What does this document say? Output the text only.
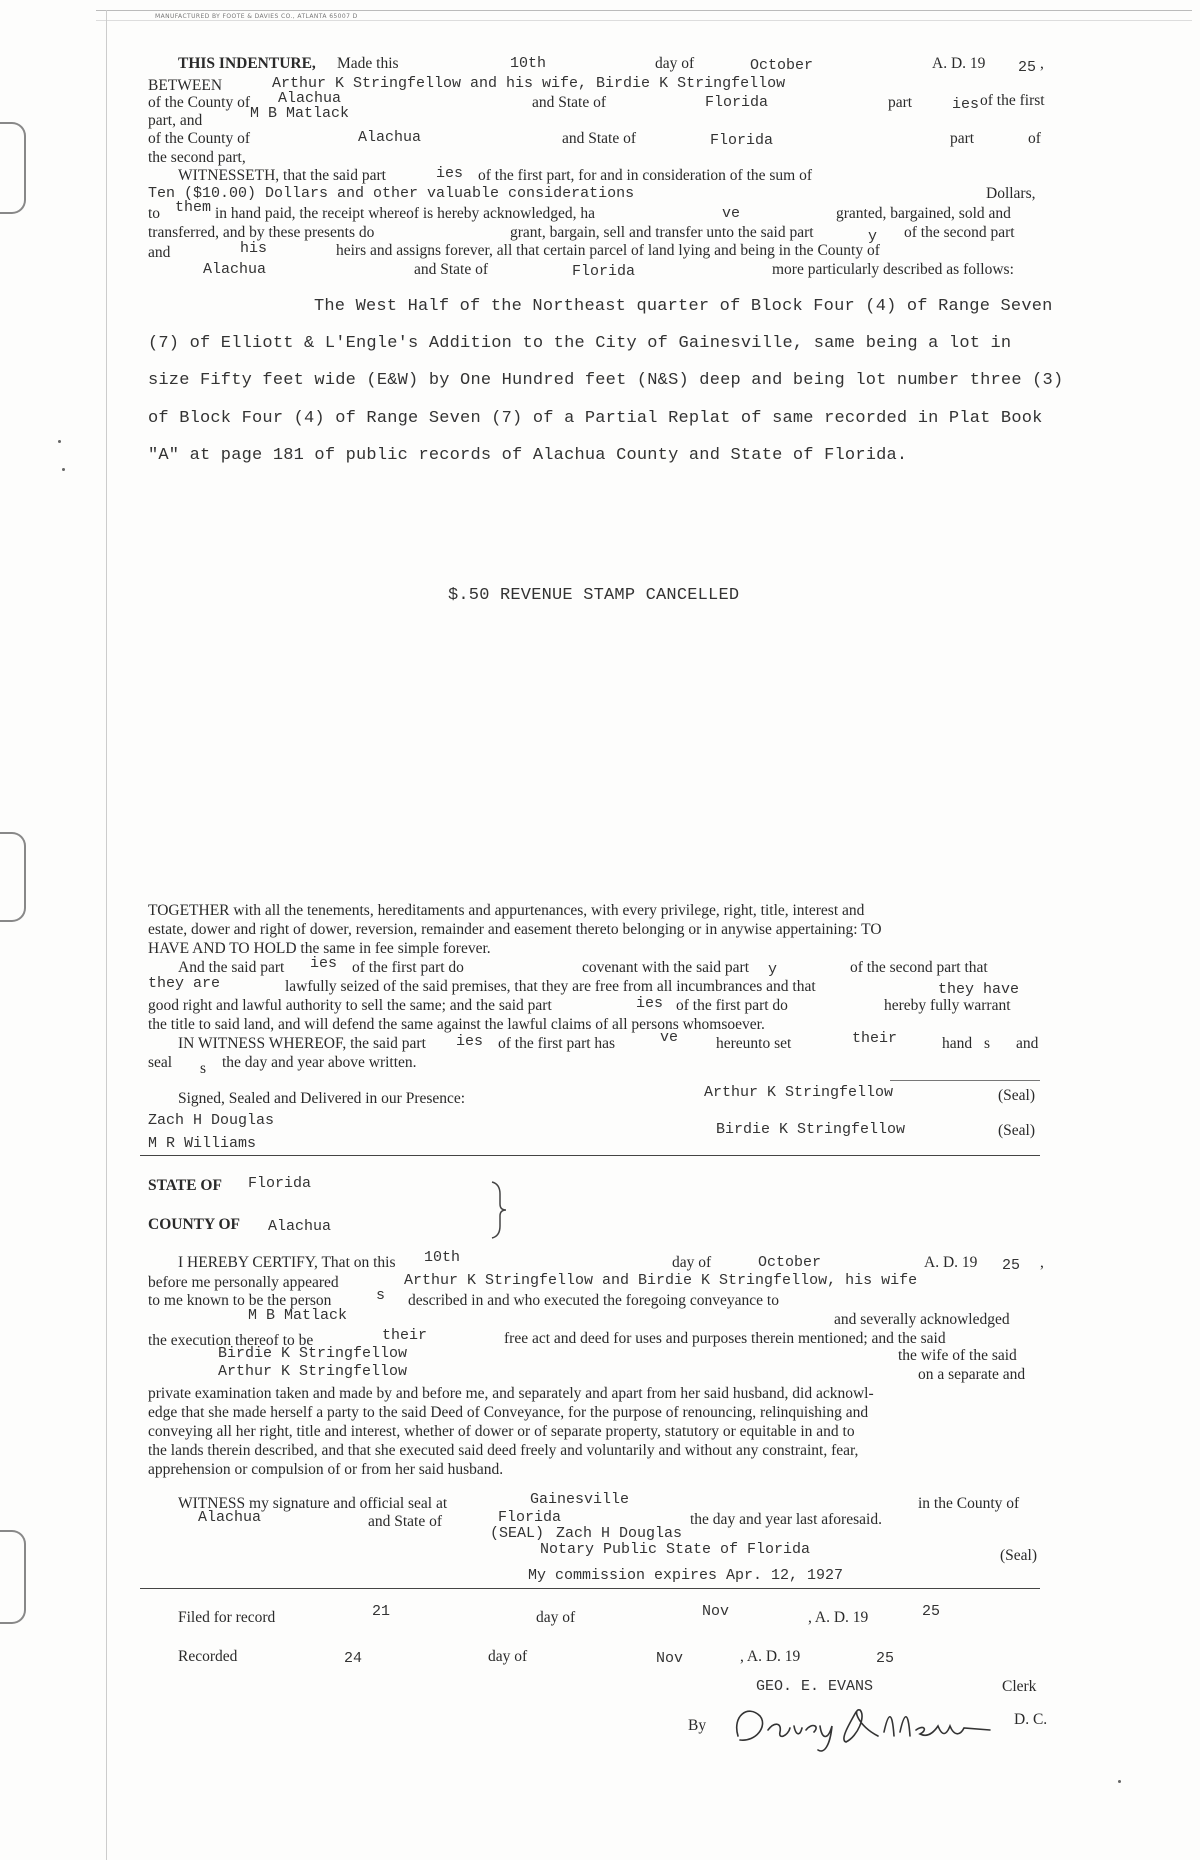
MANUFACTURED BY FOOTE & DAVIES CO., ATLANTA 65007 D
THIS INDENTURE, Made this	10th	day of	October	A. D. 19 25 ,
BETWEEN	Arthur K Stringfellow and his wife, Birdie K Stringfellow
of the County of Alachua	and State of	Florida	part	ies of the first
part, and	M B Matlack
of the County of	Alachua	and State of	Florida	part	of
the second part,
WITNESSETH, that the said part	ies of the first part, for and in consideration of the sum of
Ten ($10.00) Dollars and other valuable considerations	Dollars,
to them in hand paid, the receipt whereof is hereby acknowledged, ha	ve	granted, bargained, sold and
transferred, and by these presents do	grant, bargain, sell and transfer unto the said part	y of the second part
and	his	heirs and assigns forever, all that certain parcel of land lying and being in the County of
Alachua	and State of	Florida	more particularly described as follows:
The West Half of the Northeast quarter of Block Four (4) of Range Seven
(7) of Elliott & L'Engle's Addition to the City of Gainesville, same being a lot in
size Fifty feet wide (E&W) by One Hundred feet (N&S) deep and being lot number three (3)
of Block Four (4) of Range Seven (7) of a Partial Replat of same recorded in Plat Book
"A" at page 181 of public records of Alachua County and State of Florida.
$.50 REVENUE STAMP CANCELLED
TOGETHER with all the tenements, hereditaments and appurtenances, with every privilege, right, title, interest and
estate, dower and right of dower, reversion, remainder and easement thereto belonging or in anywise appertaining: TO
HAVE AND TO HOLD the same in fee simple forever.
And the said part ies of the first part do	covenant with the said part y	of the second part that
they are	lawfully seized of the said premises, that they are free from all incumbrances and that	they have
good right and lawful authority to sell the same; and the said part	ies of the first part do	hereby fully warrant
the title to said land, and will defend the same against the lawful claims of all persons whomsoever.
IN WITNESS WHEREOF, the said part ies of the first part has	ve hereunto set	their	hand s and
seal s the day and year above written.
Signed, Sealed and Delivered in our Presence:
Zach H Douglas
M R Williams
Arthur K Stringfellow	(Seal)
Birdie K Stringfellow	(Seal)
STATE OF Florida
COUNTY OF Alachua
I HEREBY CERTIFY, That on this 10th	day of	October	A. D. 19 25 ,
before me personally appeared	Arthur K Stringfellow and Birdie K Stringfellow, his wife
to me known to be the person	s described in and who executed the foregoing conveyance to
M B Matlack	and severally acknowledged
the execution thereof to be	their	free act and deed for uses and purposes therein mentioned; and the said
Birdie K Stringfellow	the wife of the said
Arthur K Stringfellow	on a separate and
private examination taken and made by and before me, and separately and apart from her said husband, did acknowl-
edge that she made herself a party to the said Deed of Conveyance, for the purpose of renouncing, relinquishing and
conveying all her right, title and interest, whether of dower or of separate property, statutory or equitable in and to
the lands therein described, and that she executed said deed freely and voluntarily and without any constraint, fear,
apprehension or compulsion of or from her said husband.
WITNESS my signature and official seal at	Gainesville	in the County of
Alachua	and State of	Florida	the day and year last aforesaid.
(SEAL) Zach H Douglas
Notary Public State of Florida	(Seal)
My commission expires Apr. 12, 1927
Filed for record	21	day of	Nov	, A. D. 19	25
Recorded	24	day of	Nov	, A. D. 19	25
GEO. E. EVANS	Clerk
By	D. C.
